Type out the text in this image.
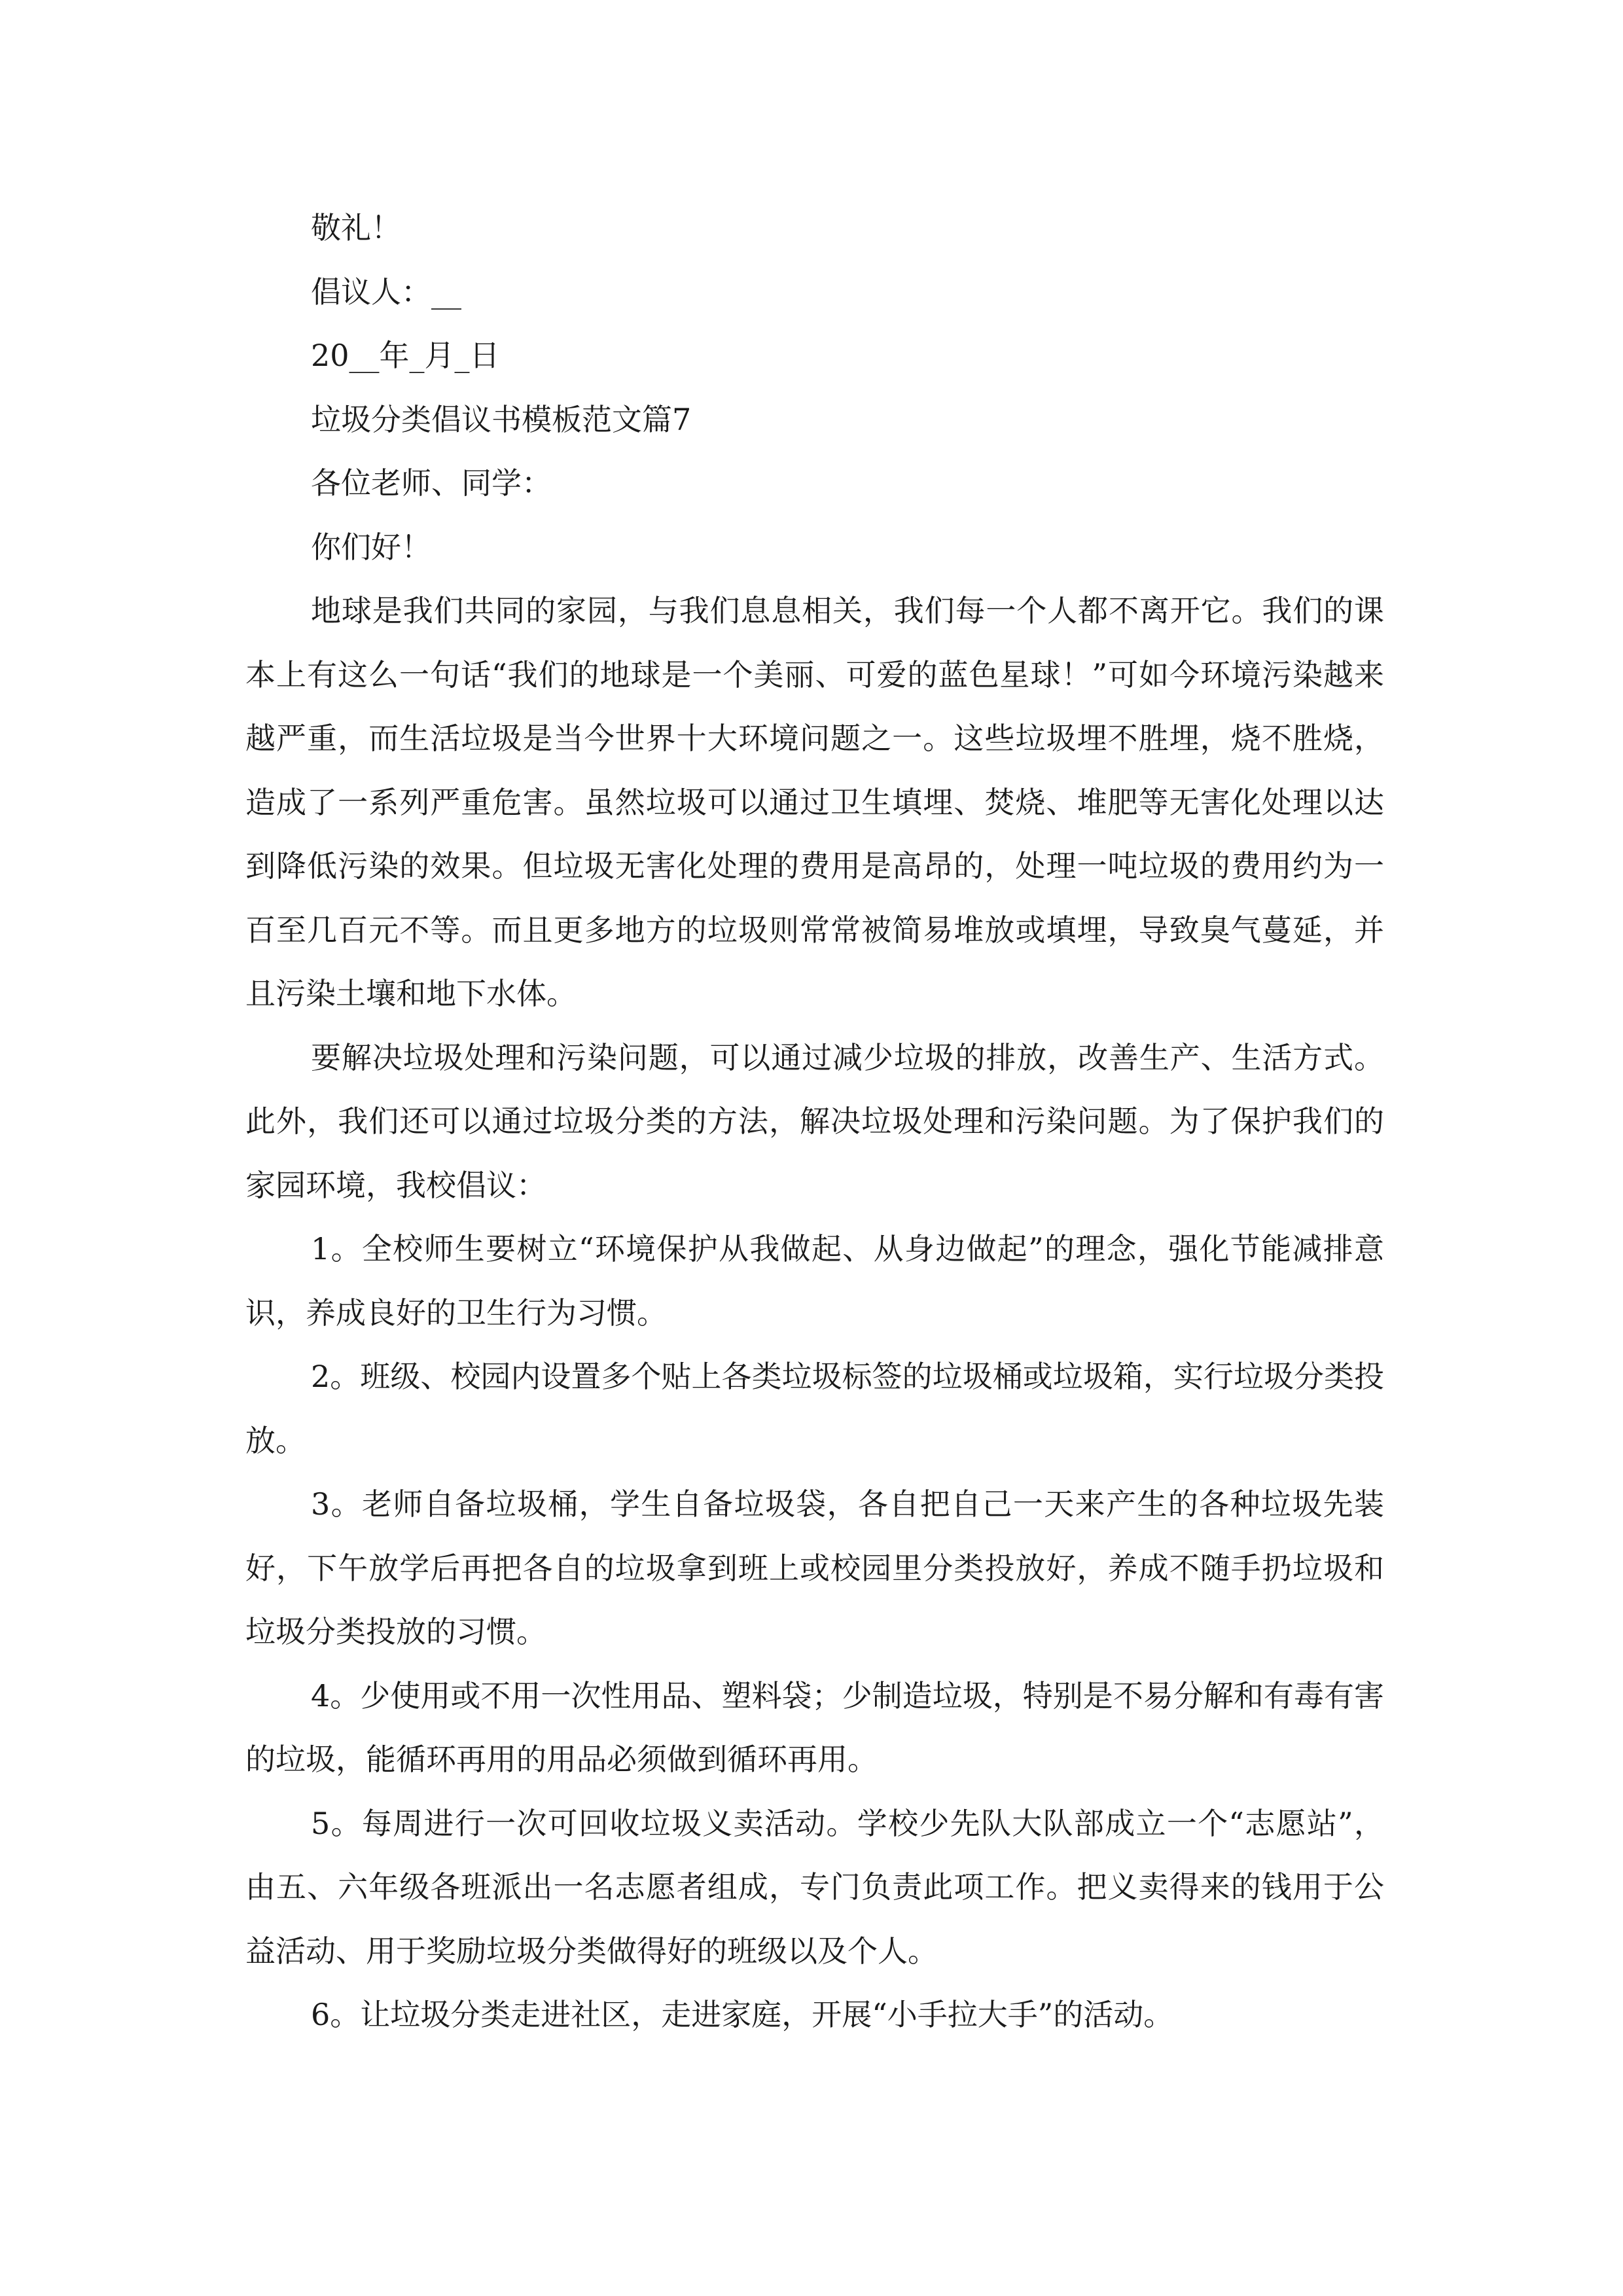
敬礼！

倡议人：__

20__年_月_日

垃圾分类倡议书模板范文篇7

各位老师、同学：

你们好！

地球是我们共同的家园，与我们息息相关，我们每一个人都不离开它。我们的课本上有这么一句话“我们的地球是一个美丽、可爱的蓝色星球！”可如今环境污染越来越严重，而生活垃圾是当今世界十大环境问题之一。这些垃圾埋不胜埋，烧不胜烧，造成了一系列严重危害。虽然垃圾可以通过卫生填埋、焚烧、堆肥等无害化处理以达到降低污染的效果。但垃圾无害化处理的费用是高昂的，处理一吨垃圾的费用约为一百至几百元不等。而且更多地方的垃圾则常常被简易堆放或填埋，导致臭气蔓延，并且污染土壤和地下水体。

要解决垃圾处理和污染问题，可以通过减少垃圾的排放，改善生产、生活方式。此外，我们还可以通过垃圾分类的方法，解决垃圾处理和污染问题。为了保护我们的家园环境，我校倡议：

1。全校师生要树立“环境保护从我做起、从身边做起”的理念，强化节能减排意识，养成良好的卫生行为习惯。

2。班级、校园内设置多个贴上各类垃圾标签的垃圾桶或垃圾箱，实行垃圾分类投放。

3。老师自备垃圾桶，学生自备垃圾袋，各自把自己一天来产生的各种垃圾先装好，下午放学后再把各自的垃圾拿到班上或校园里分类投放好，养成不随手扔垃圾和垃圾分类投放的习惯。

4。少使用或不用一次性用品、塑料袋；少制造垃圾，特别是不易分解和有毒有害的垃圾，能循环再用的用品必须做到循环再用。

5。每周进行一次可回收垃圾义卖活动。学校少先队大队部成立一个“志愿站”，由五、六年级各班派出一名志愿者组成，专门负责此项工作。把义卖得来的钱用于公益活动、用于奖励垃圾分类做得好的班级以及个人。

6。让垃圾分类走进社区，走进家庭，开展“小手拉大手”的活动。
